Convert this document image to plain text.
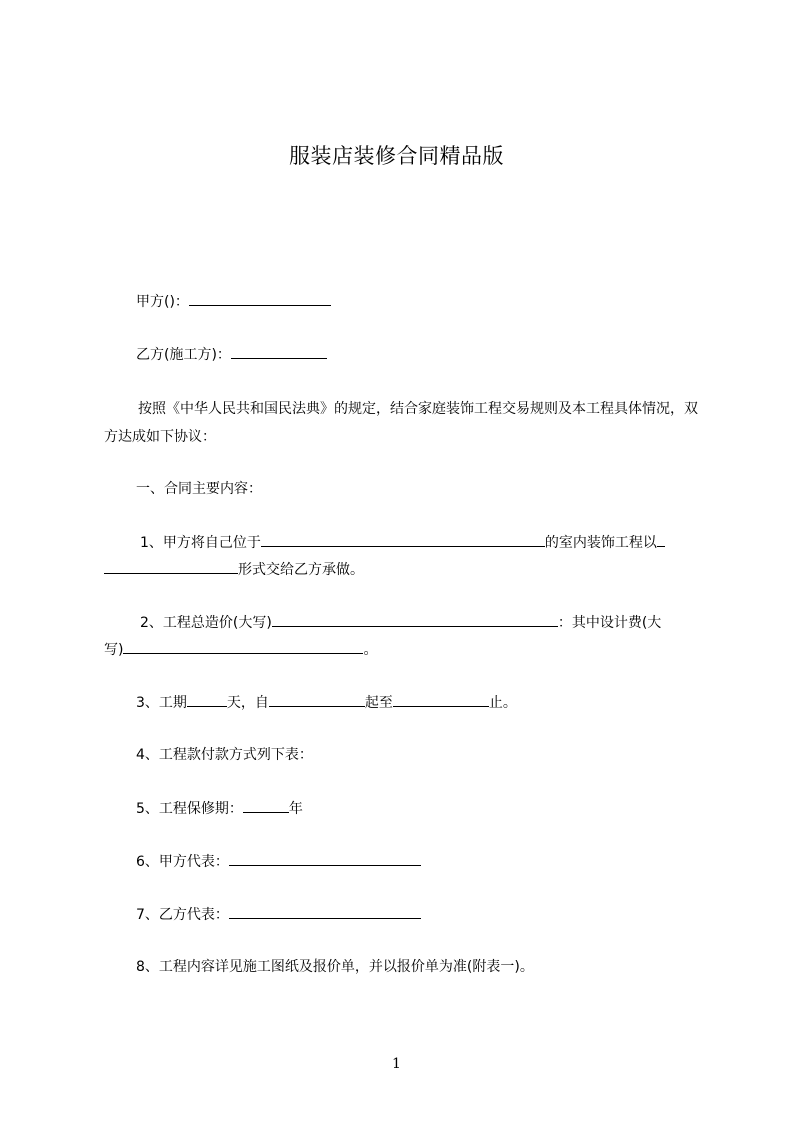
服装店装修合同精品版
甲方()：
乙方(施工方)：
按照《中华人民共和国民法典》的规定，结合家庭装饰工程交易规则及本工程具体情况，双方达成如下协议：
一、合同主要内容：
1、甲方将自己位于	的室内装饰工程以
形式交给乙方承做。
2、工程总造价(大写)	：其中设计费(大
写)	。
3、工期	天，自	起至	止。
4、工程款付款方式列下表：
5、工程保修期：	年
6、甲方代表：
7、乙方代表：
8、工程内容详见施工图纸及报价单，并以报价单为准(附表一)。
1
